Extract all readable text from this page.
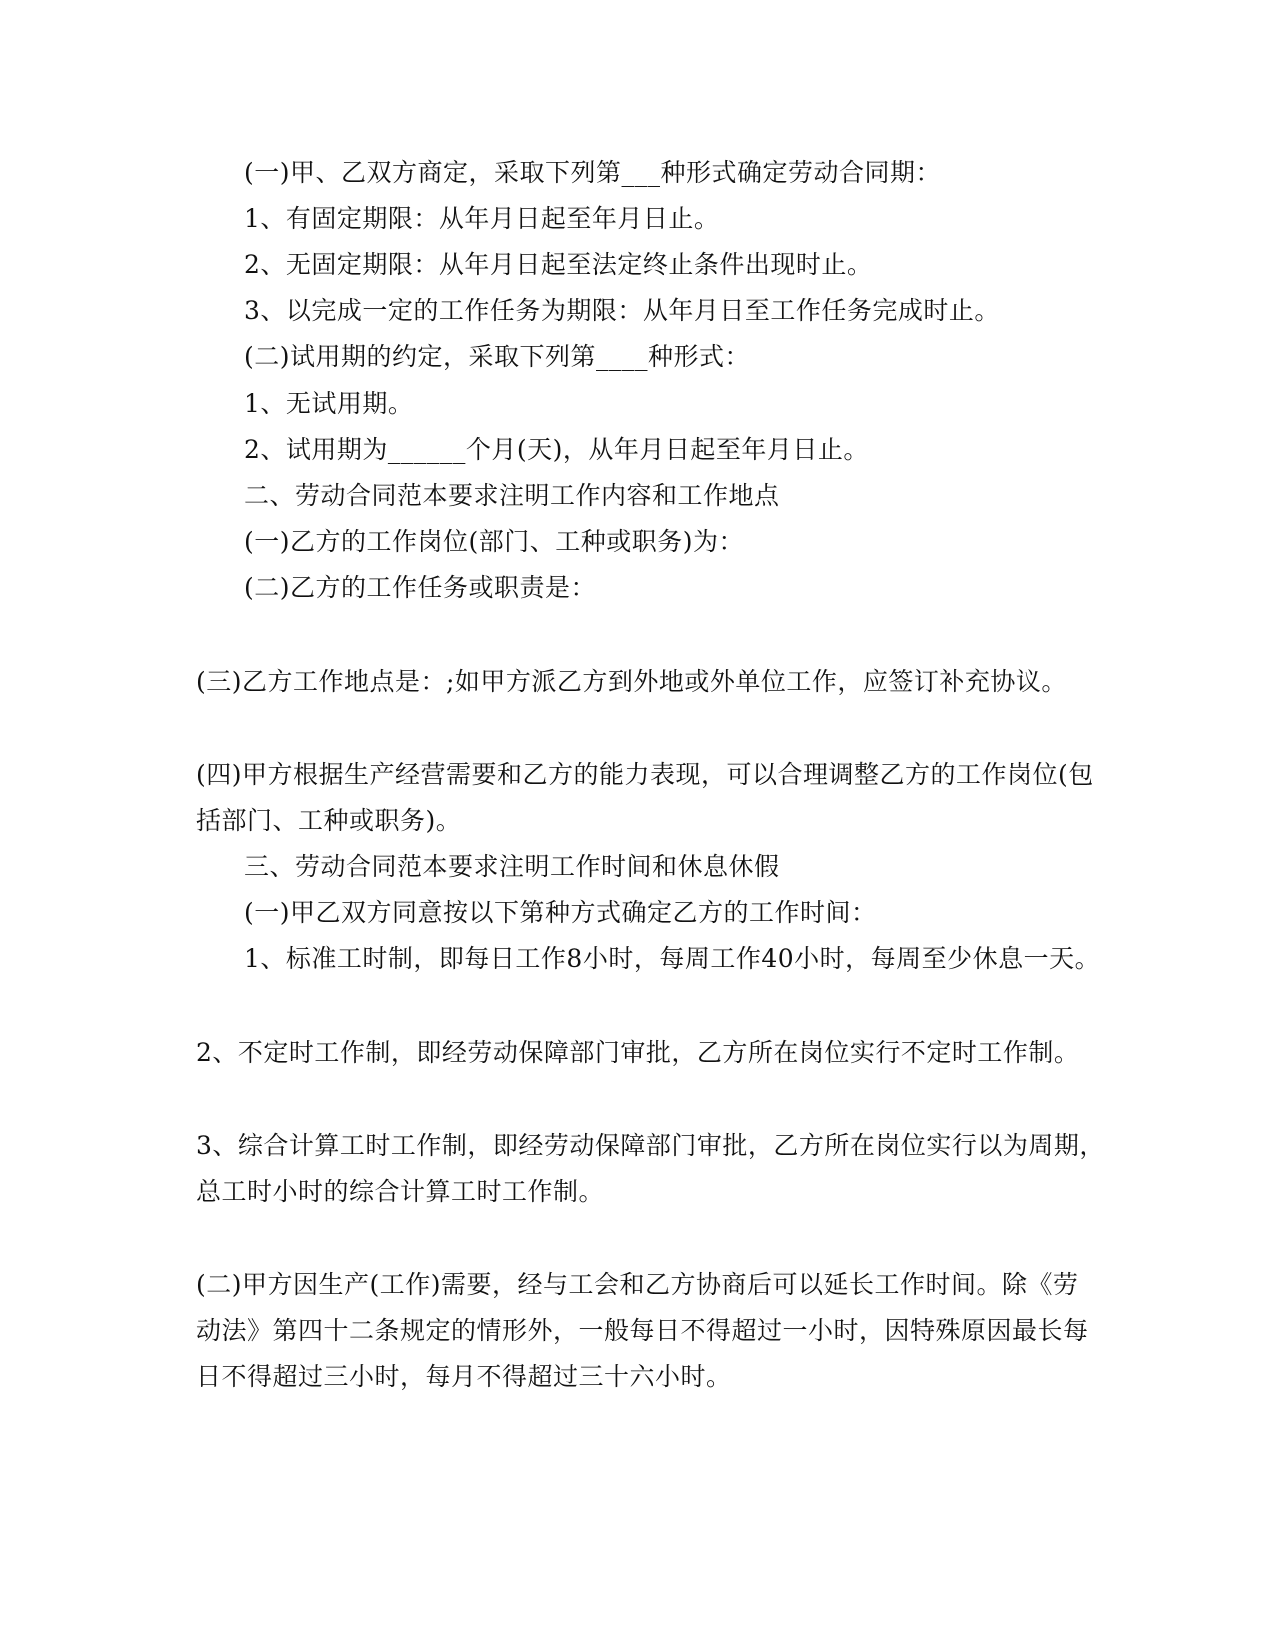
(一)甲、乙双方商定，采取下列第___种形式确定劳动合同期：
1、有固定期限：从年月日起至年月日止。
2、无固定期限：从年月日起至法定终止条件出现时止。
3、以完成一定的工作任务为期限：从年月日至工作任务完成时止。
(二)试用期的约定，采取下列第____种形式：
1、无试用期。
2、试用期为______个月(天)，从年月日起至年月日止。
二、劳动合同范本要求注明工作内容和工作地点
(一)乙方的工作岗位(部门、工种或职务)为：
(二)乙方的工作任务或职责是：
(三)乙方工作地点是：;如甲方派乙方到外地或外单位工作，应签订补充协议。
(四)甲方根据生产经营需要和乙方的能力表现，可以合理调整乙方的工作岗位(包
括部门、工种或职务)。
三、劳动合同范本要求注明工作时间和休息休假
(一)甲乙双方同意按以下第种方式确定乙方的工作时间：
1、标准工时制，即每日工作8小时，每周工作40小时，每周至少休息一天。
2、不定时工作制，即经劳动保障部门审批，乙方所在岗位实行不定时工作制。
3、综合计算工时工作制，即经劳动保障部门审批，乙方所在岗位实行以为周期，
总工时小时的综合计算工时工作制。
(二)甲方因生产(工作)需要，经与工会和乙方协商后可以延长工作时间。除《劳
动法》第四十二条规定的情形外，一般每日不得超过一小时，因特殊原因最长每
日不得超过三小时，每月不得超过三十六小时。
